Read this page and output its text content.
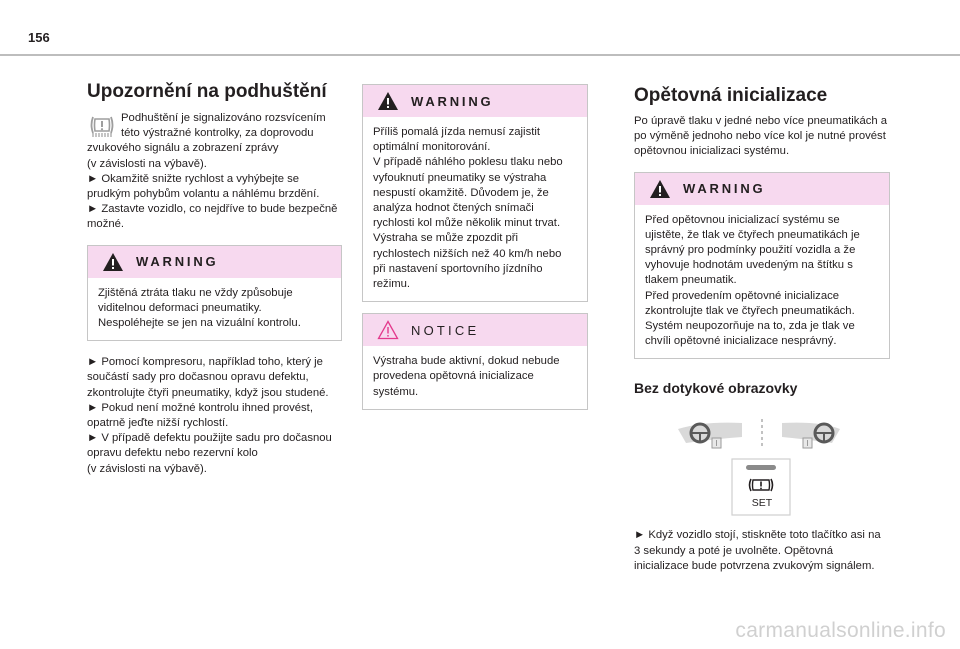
156
Upozornění na podhuštění
Podhuštění je signalizováno rozsvícením této výstražné kontrolky, za doprovodu zvukového signálu a zobrazení zprávy
(v závislosti na výbavě).
► Okamžitě snižte rychlost a vyhýbejte se prudkým pohybům volantu a náhlému brzdění.
► Zastavte vozidlo, co nejdříve to bude bezpečně možné.
WARNING
Zjištěná ztráta tlaku ne vždy způsobuje viditelnou deformaci pneumatiky.
Nespoléhejte se jen na vizuální kontrolu.
► Pomocí kompresoru, například toho, který je součástí sady pro dočasnou opravu defektu, zkontrolujte čtyři pneumatiky, když jsou studené.
► Pokud není možné kontrolu ihned provést, opatrně jeďte nižší rychlostí.
► V případě defektu použijte sadu pro dočasnou opravu defektu nebo rezervní kolo
(v závislosti na výbavě).
WARNING
Příliš pomalá jízda nemusí zajistit optimální monitorování.
V případě náhlého poklesu tlaku nebo vyfouknutí pneumatiky se výstraha nespustí okamžitě. Důvodem je, že analýza hodnot čtených snímači rychlosti kol může několik minut trvat.
Výstraha se může zpozdit při rychlostech nižších než 40 km/h nebo při nastavení sportovního jízdního režimu.
NOTICE
Výstraha bude aktivní, dokud nebude provedena opětovná inicializace systému.
Opětovná inicializace
Po úpravě tlaku v jedné nebo více pneumatikách a po výměně jednoho nebo více kol je nutné provést opětovnou inicializaci systému.
WARNING
Před opětovnou inicializací systému se ujistěte, že tlak ve čtyřech pneumatikách je správný pro podmínky použití vozidla a že vyhovuje hodnotám uvedeným na štítku s tlakem pneumatik.
Před provedením opětovné inicializace zkontrolujte tlak ve čtyřech pneumatikách. Systém neupozorňuje na to, zda je tlak ve chvíli opětovné inicializace nesprávný.
Bez dotykové obrazovky
SET
► Když vozidlo stojí, stiskněte toto tlačítko asi na 3 sekundy a poté je uvolněte. Opětovná inicializace bude potvrzena zvukovým signálem.
carmanualsonline.info
